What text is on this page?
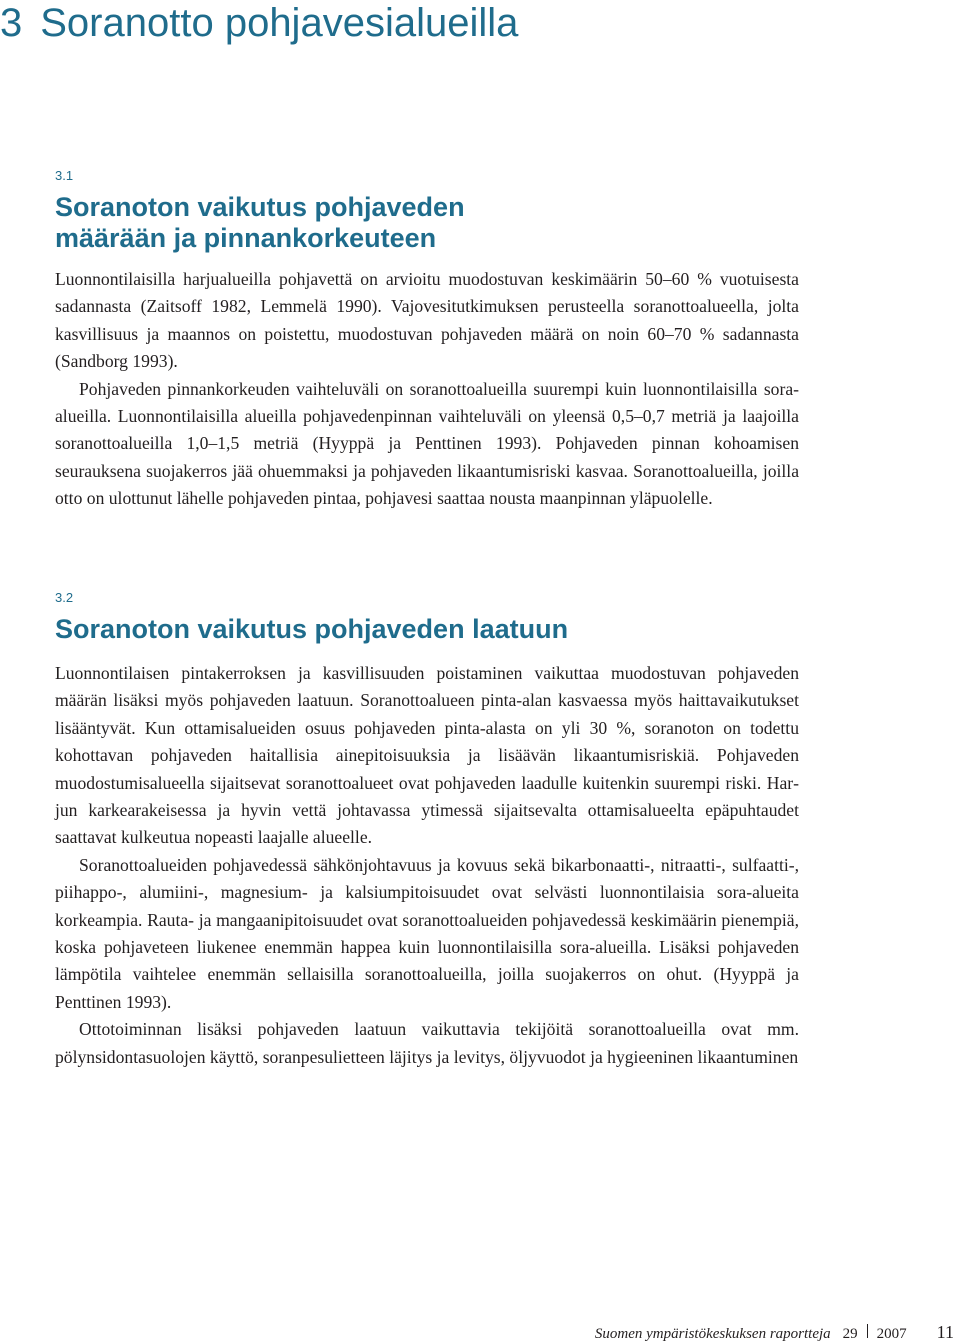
3 Soranotto pohjavesialueilla
3.1
Soranoton vaikutus pohjaveden
määrään ja pinnankorkeuteen

Luonnontilaisilla harjualueilla pohjavettä on arvioitu muodostuvan keskimäärin 50–60 % vuotuisesta sadannasta (Zaitsoff 1982, Lemmelä 1990). Vajovesitutkimuksen perusteella soranottoalueella, jolta kasvillisuus ja maannos on poistettu, muodostuvan pohjaveden määrä on noin 60–70 % sadannasta (Sandborg 1993).

Pohjaveden pinnankorkeuden vaihteluväli on soranottoalueilla suurempi kuin luonnontilaisilla sora-alueilla. Luonnontilaisilla alueilla pohjavedenpinnan vaihteluväli on yleensä 0,5–0,7 metriä ja laajoilla soranottoalueilla 1,0–1,5 metriä (Hyyppä ja Penttinen 1993). Pohjaveden pinnan kohoamisen seurauksena suojakerros jää ohuemmaksi ja pohjaveden likaantumisriski kasvaa. Soranottoalueilla, joilla otto on ulottunut lähelle pohjaveden pintaa, pohjavesi saattaa nousta maanpinnan yläpuolelle.

3.2
Soranoton vaikutus pohjaveden laatuun

Luonnontilaisen pintakerroksen ja kasvillisuuden poistaminen vaikuttaa muodostuvan pohjaveden määrän lisäksi myös pohjaveden laatuun. Soranottoalueen pinta-alan kasvaessa myös haittavaikutukset lisääntyvät. Kun ottamisalueiden osuus pohjaveden pinta-alasta on yli 30 %, soranoton on todettu kohottavan pohjaveden haitallisia ainepitoisuuksia ja lisäävän likaantumisriskiä. Pohjaveden muodostumisalueella sijaitsevat soranottoalueet ovat pohjaveden laadulle kuitenkin suurempi riski. Harjun karkearakeisessa ja hyvin vettä johtavassa ytimessä sijaitsevalta ottamisalueelta epäpuhtaudet saattavat kulkeutua nopeasti laajalle alueelle.

Soranottoalueiden pohjavedessä sähkönjohtavuus ja kovuus sekä bikarbonaatti-, nitraatti-, sulfaatti-, piihappo-, alumiini-, magnesium- ja kalsiumpitoisuudet ovat selvästi luonnontilaisia sora-alueita korkeampia. Rauta- ja mangaanipitoisuudet ovat soranottoalueiden pohjavedessä keskimäärin pienempiä, koska pohjaveteen liukenee enemmän happea kuin luonnontilaisilla sora-alueilla. Lisäksi pohjaveden lämpötila vaihtelee enemmän sellaisilla soranottoalueilla, joilla suojakerros on ohut. (Hyyppä ja Penttinen 1993).

Ottotoiminnan lisäksi pohjaveden laatuun vaikuttavia tekijöitä soranottoalueilla ovat mm. pölynsidontasuolojen käyttö, soranpesulietteen läjitys ja levitys, öljyvuodot ja hygieeninen likaantuminen

Suomen ympäristökeskuksen raportteja 29 2007 11
